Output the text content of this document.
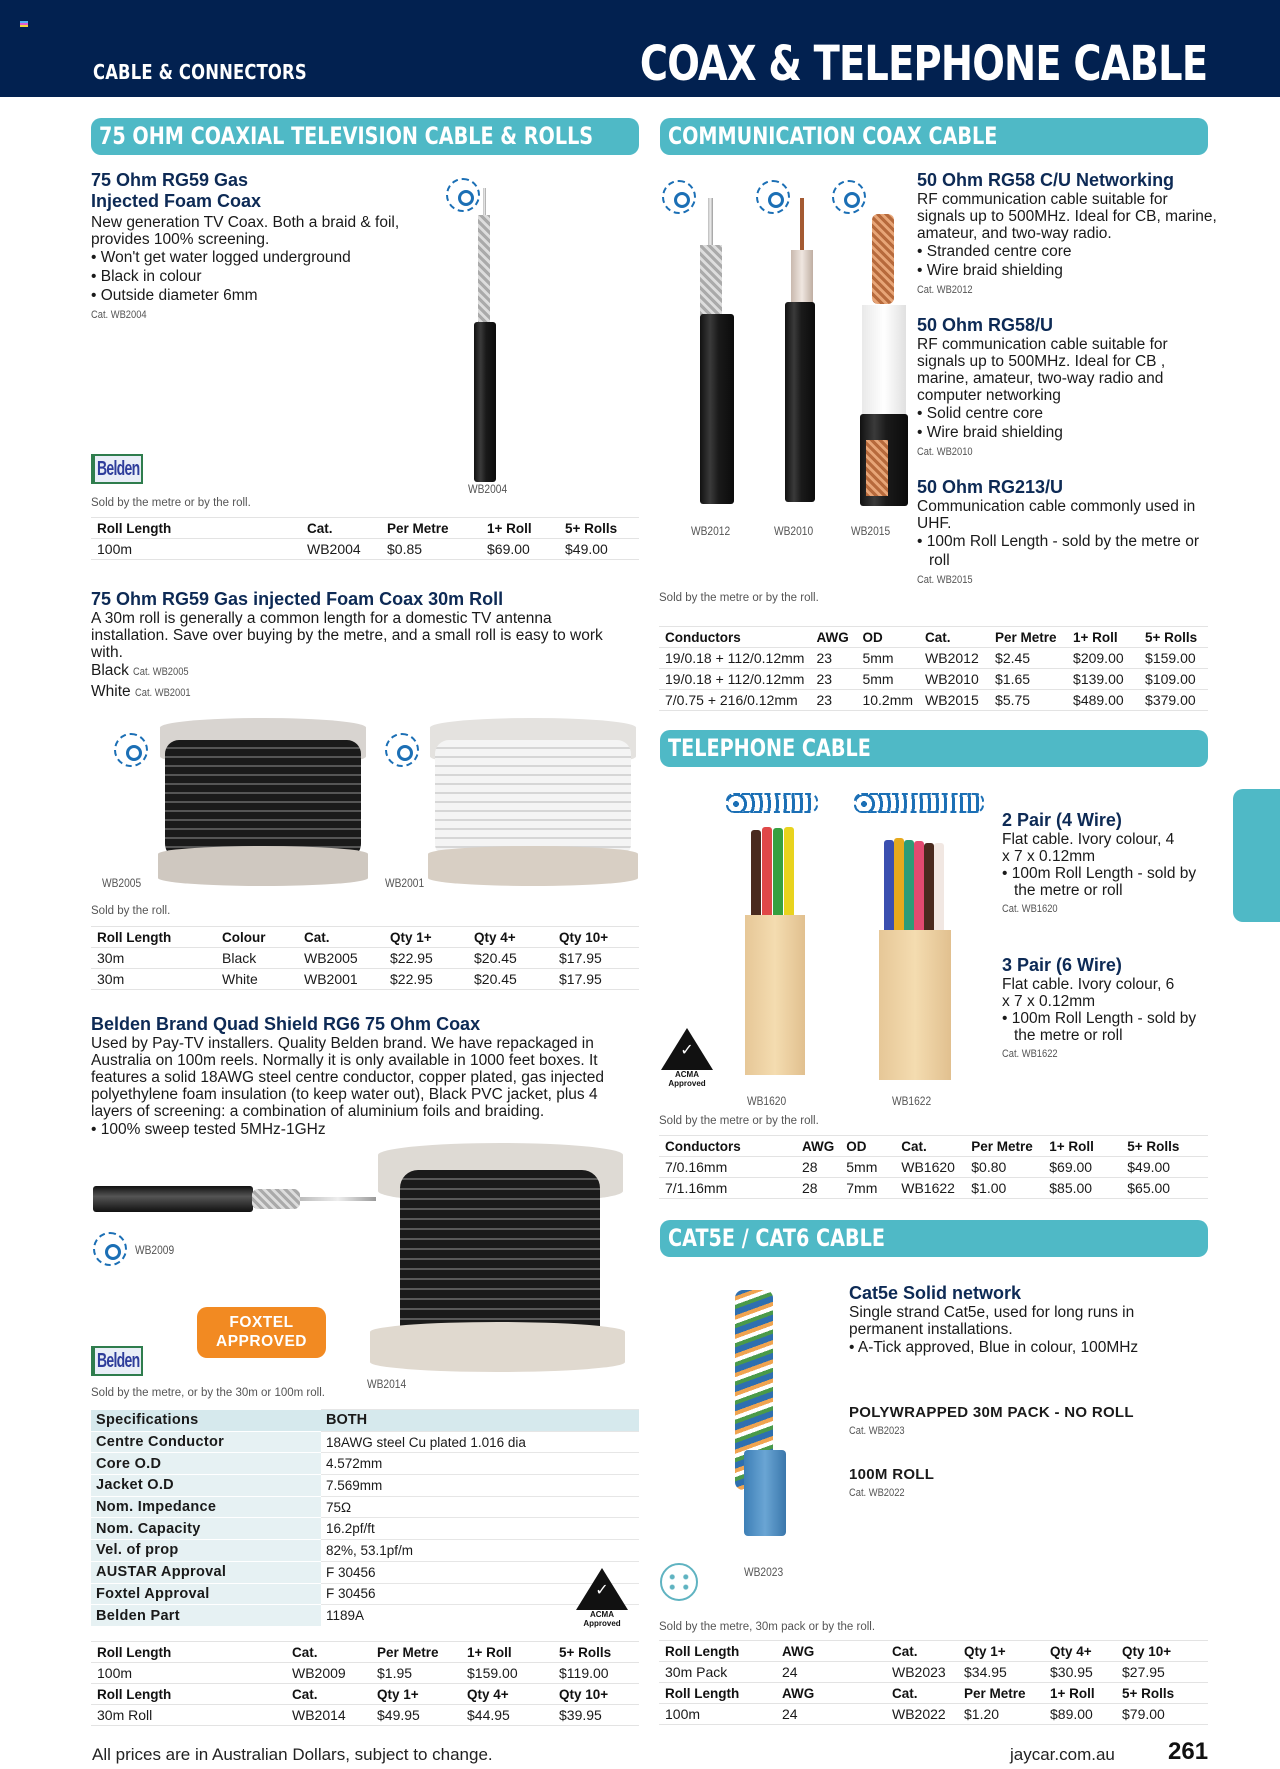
CABLE & CONNECTORS	COAX & TELEPHONE CABLE
75 OHM COAXIAL TELEVISION CABLE & ROLLS	COMMUNICATION COAX CABLE
TELEPHONE CABLE
CAT5E / CAT6 CABLE
75 Ohm RG59 Gas
Injected Foam Coax
New generation TV Coax. Both a braid & foil, provides 100% screening.
• Won't get water logged underground
• Black in colour
• Outside diameter 6mm
Cat. WB2004
WB2004
Belden
Sold by the metre or by the roll.
Roll Length	Cat.	Per Metre	1+ Roll	5+ Rolls
100m	WB2004	$0.85	$69.00	$49.00
75 Ohm RG59 Gas injected Foam Coax 30m Roll
A 30m roll is generally a common length for a domestic TV antenna installation. Save over buying by the metre, and a small roll is easy to work with.
Black Cat. WB2005
White Cat. WB2001
WB2005	WB2001
Sold by the roll.
Roll Length	Colour	Cat.	Qty 1+	Qty 4+	Qty 10+
30m	Black	WB2005	$22.95	$20.45	$17.95
30m	White	WB2001	$22.95	$20.45	$17.95
Belden Brand Quad Shield RG6 75 Ohm Coax
Used by Pay-TV installers. Quality Belden brand. We have repackaged in Australia on 100m reels. Normally it is only available in 1000 feet boxes. It features a solid 18AWG steel centre conductor, copper plated, gas injected polyethylene foam insulation (to keep water out), Black PVC jacket, plus 4 layers of screening: a combination of aluminium foils and braiding.
• 100% sweep tested 5MHz-1GHz
WB2009
FOXTEL
APPROVED
Belden
WB2014
Sold by the metre, or by the 30m or 100m roll.
Specifications	BOTH
Centre Conductor	18AWG steel Cu plated 1.016 dia
Core O.D	4.572mm
Jacket O.D	7.569mm
Nom. Impedance	75Ω
Nom. Capacity	16.2pf/ft
Vel. of prop	82%, 53.1pf/m
AUSTAR Approval	F 30456
Foxtel Approval	F 30456
Belden Part	1189A
✓	ACMA
Approved
Roll Length	Cat.	Per Metre	1+ Roll	5+ Rolls
100m	WB2009	$1.95	$159.00	$119.00
Roll Length	Cat.	Qty 1+	Qty 4+	Qty 10+
30m Roll	WB2014	$49.95	$44.95	$39.95
WB2012	WB2010	WB2015
50 Ohm RG58 C/U Networking
RF communication cable suitable for signals up to 500MHz. Ideal for CB, marine, amateur, and two-way radio.
• Stranded centre core
• Wire braid shielding
Cat. WB2012
50 Ohm RG58/U
RF communication cable suitable for signals up to 500MHz. Ideal for CB , marine, amateur, two-way radio and computer networking
• Solid centre core
• Wire braid shielding
Cat. WB2010
50 Ohm RG213/U
Communication cable commonly used in UHF.
• 100m Roll Length - sold by the metre or roll
Cat. WB2015
Sold by the metre or by the roll.
Conductors	AWG	OD	Cat.	Per Metre	1+ Roll	5+ Rolls
19/0.18 + 112/0.12mm	23	5mm	WB2012	$2.45	$209.00	$159.00
19/0.18 + 112/0.12mm	23	5mm	WB2010	$1.65	$139.00	$109.00
7/0.75 + 216/0.12mm	23	10.2mm	WB2015	$5.75	$489.00	$379.00
✓
ACMA
Approved
WB1620	WB1622
2 Pair (4 Wire)
Flat cable. Ivory colour, 4 x 7 x 0.12mm
• 100m Roll Length - sold by the metre or roll
Cat. WB1620
3 Pair (6 Wire)
Flat cable. Ivory colour, 6 x 7 x 0.12mm
• 100m Roll Length - sold by the metre or roll
Cat. WB1622
Sold by the metre or by the roll.
Conductors	AWG	OD	Cat.	Per Metre	1+ Roll	5+ Rolls
7/0.16mm	28	5mm	WB1620	$0.80	$69.00	$49.00
7/1.16mm	28	7mm	WB1622	$1.00	$85.00	$65.00
WB2023
Cat5e Solid network
Single strand Cat5e, used for long runs in permanent installations.
• A-Tick approved, Blue in colour, 100MHz
POLYWRAPPED 30M PACK - NO ROLL
Cat. WB2023
100M ROLL
Cat. WB2022
Sold by the metre, 30m pack or by the roll.
Roll Length	AWG	Cat.	Qty 1+	Qty 4+	Qty 10+
30m Pack	24	WB2023	$34.95	$30.95	$27.95
Roll Length	AWG	Cat.	Per Metre	1+ Roll	5+ Rolls
100m	24	WB2022	$1.20	$89.00	$79.00
All prices are in Australian Dollars, subject to change.	jaycar.com.au 261
